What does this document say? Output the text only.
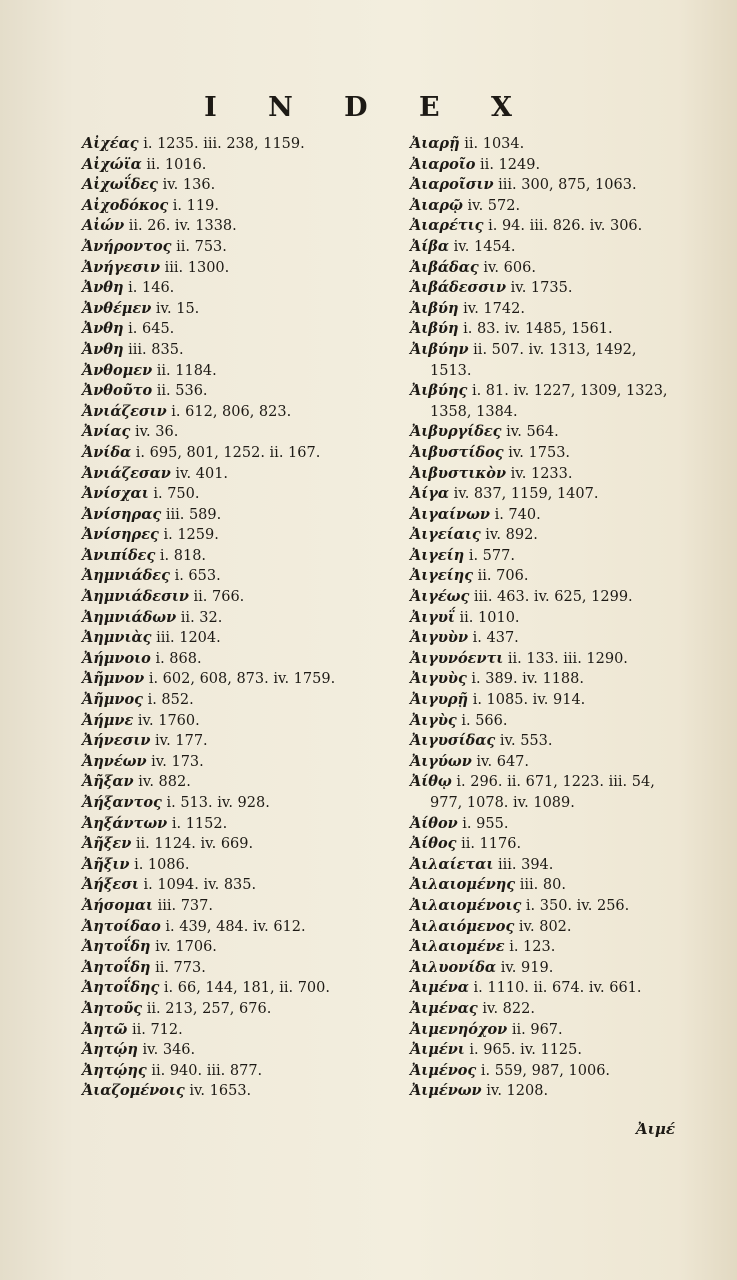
I N D E X
Αἰχέας i. 1235. iii. 238, 1159.
Αἰχώϊα ii. 1016.
Αἰχωΐδες iv. 136.
Αἰχοδόκος i. 119.
Αἰών ii. 26. iv. 1338.
Ἀνήροντος ii. 753.
Ἀνήγεσιν iii. 1300.
Ἀνθη i. 146.
Ἀνθέμεν iv. 15.
Ἀνθη i. 645.
Ἀνθη iii. 835.
Ἀνθομεν ii. 1184.
Ἀνθοῦτο ii. 536.
Ἀνιάζεσιν i. 612, 806, 823.
Ἀνίας iv. 36.
Ἀνίδα i. 695, 801, 1252. ii. 167.
Ἀνιάζεσαν iv. 401.
Ἀνίσχαι i. 750.
Ἀνίσηρας iii. 589.
Ἀνίσηρες i. 1259.
Ἀνιπίδες i. 818.
Ἀημνιάδες i. 653.
Ἀημνιάδεσιν ii. 766.
Ἀημνιάδων ii. 32.
Ἀημνιὰς iii. 1204.
Ἀήμνοιο i. 868.
Ἀῆμνον i. 602, 608, 873. iv. 1759.
Ἀῆμνος i. 852.
Ἀήμνε iv. 1760.
Ἀήνεσιν iv. 177.
Ἀηνέων iv. 173.
Ἀῆξαν iv. 882.
Ἀήξαντος i. 513. iv. 928.
Ἀηξάντων i. 1152.
Ἀῆξεν ii. 1124. iv. 669.
Ἀῆξιν i. 1086.
Ἀήξεσι i. 1094. iv. 835.
Ἀήσομαι iii. 737.
Ἀητοίδαο i. 439, 484. iv. 612.
Ἀητοΐδη iv. 1706.
Ἀητοΐδη ii. 773.
Ἀητοΐδης i. 66, 144, 181, ii. 700.
Ἀητοῦς ii. 213, 257, 676.
Ἀητῶ ii. 712.
Ἀητῴη iv. 346.
Ἀητῴης ii. 940. iii. 877.
Ἀιαζομένοις iv. 1653.
Ἀιαρῇ ii. 1034.
Ἀιαροῖο ii. 1249.
Ἀιαροῖσιν iii. 300, 875, 1063.
Ἀιαρῷ iv. 572.
Ἀιαρέτις i. 94. iii. 826. iv. 306.
Ἀίβα iv. 1454.
Ἀιβάδας iv. 606.
Ἀιβάδεσσιν iv. 1735.
Ἀιβύη iv. 1742.
Ἀιβύη i. 83. iv. 1485, 1561.
Ἀιβύην ii. 507. iv. 1313, 1492,
1513.
Ἀιβύης i. 81. iv. 1227, 1309, 1323,
1358, 1384.
Ἀιβυργίδες iv. 564.
Ἀιβυστίδος iv. 1753.
Ἀιβυστικὸν iv. 1233.
Ἀίγα iv. 837, 1159, 1407.
Ἀιγαίνων i. 740.
Ἀιγείαις iv. 892.
Ἀιγείη i. 577.
Ἀιγείης ii. 706.
Ἀιγέως iii. 463. iv. 625, 1299.
Ἀιγυΐ ii. 1010.
Ἀιγυὺν i. 437.
Ἀιγυνόεντι ii. 133. iii. 1290.
Ἀιγυὺς i. 389. iv. 1188.
Ἀιγυρῇ i. 1085. iv. 914.
Ἀιγὺς i. 566.
Ἀιγυσίδας iv. 553.
Ἀιγύων iv. 647.
Ἀίθῳ i. 296. ii. 671, 1223. iii. 54,
977, 1078. iv. 1089.
Ἀίθον i. 955.
Ἀίθος ii. 1176.
Ἀιλαίεται iii. 394.
Ἀιλαιομένης iii. 80.
Ἀιλαιομένοις i. 350. iv. 256.
Ἀιλαιόμενος iv. 802.
Ἀιλαιομένε i. 123.
Ἀιλυονίδα iv. 919.
Ἀιμένα i. 1110. ii. 674. iv. 661.
Ἀιμένας iv. 822.
Ἀιμενηόχον ii. 967.
Ἀιμένι i. 965. iv. 1125.
Ἀιμένος i. 559, 987, 1006.
Ἀιμένων iv. 1208.
Ἀιμέ
